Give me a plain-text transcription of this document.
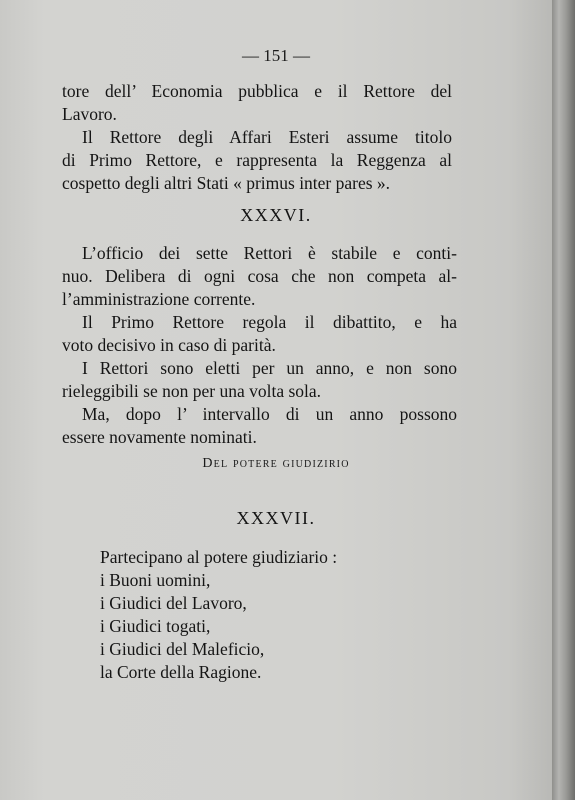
— 151 —
tore dell’ Economia pubblica e il Rettore del
Lavoro.
Il Rettore degli Affari Esteri assume titolo
di Primo Rettore, e rappresenta la Reggenza al
cospetto degli altri Stati « primus inter pares ».
XXXVI.
L’officio dei sette Rettori è stabile e conti-
nuo. Delibera di ogni cosa che non competa al-
l’amministrazione corrente.
Il Primo Rettore regola il dibattito, e ha
voto decisivo in caso di parità.
I Rettori sono eletti per un anno, e non sono
rieleggibili se non per una volta sola.
Ma, dopo l’ intervallo di un anno possono
essere novamente nominati.
Del potere giudizirio
XXXVII.
Partecipano al potere giudiziario :
i Buoni uomini,
i Giudici del Lavoro,
i Giudici togati,
i Giudici del Maleficio,
la Corte della Ragione.
